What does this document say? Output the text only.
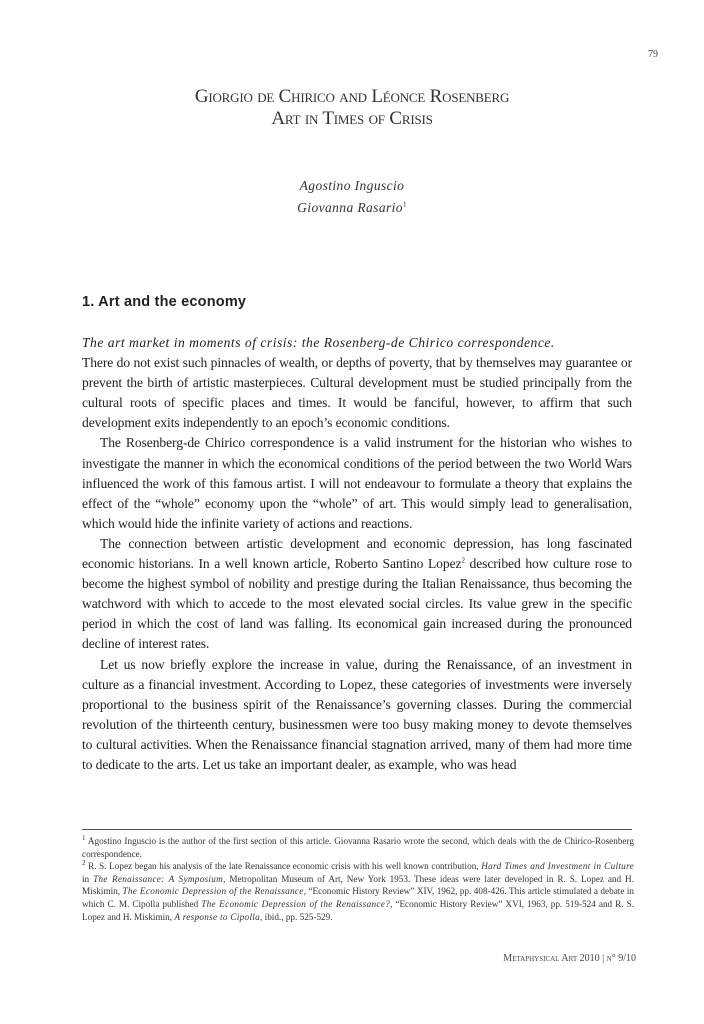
79
Giorgio de Chirico and Léonce Rosenberg
Art in Times of Crisis
Agostino Inguscio
Giovanna Rasario$^1$
1. Art and the economy
The art market in moments of crisis: the Rosenberg-de Chirico correspondence.

There do not exist such pinnacles of wealth, or depths of poverty, that by themselves may guarantee or prevent the birth of artistic masterpieces. Cultural development must be studied principally from the cultural roots of specific places and times. It would be fanciful, however, to affirm that such development exits independently to an epoch’s economic conditions.

The Rosenberg-de Chirico correspondence is a valid instrument for the historian who wishes to investigate the manner in which the economical conditions of the period between the two World Wars influenced the work of this famous artist. I will not endeavour to formulate a theory that explains the effect of the “whole” economy upon the “whole” of art. This would simply lead to generalisation, which would hide the infinite variety of actions and reactions.

The connection between artistic development and economic depression, has long fascinated economic historians. In a well known article, Roberto Santino Lopez$^2$ described how culture rose to become the highest symbol of nobility and prestige during the Italian Renaissance, thus becoming the watchword with which to accede to the most elevated social circles. Its value grew in the specific period in which the cost of land was falling. Its economical gain increased during the pronounced decline of interest rates.

Let us now briefly explore the increase in value, during the Renaissance, of an investment in culture as a financial investment. According to Lopez, these categories of investments were inversely proportional to the business spirit of the Renaissance’s governing classes. During the commercial revolution of the thirteenth century, businessmen were too busy making money to devote themselves to cultural activities. When the Renaissance financial stagnation arrived, many of them had more time to dedicate to the arts. Let us take an important dealer, as example, who was head

$^1$ Agostino Inguscio is the author of the first section of this article. Giovanna Rasario wrote the second, which deals with the de Chirico-Rosenberg correspondence.

$^2$ R. S. Lopez began his analysis of the late Renaissance economic crisis with his well known contribution, Hard Times and Investment in Culture in The Renaissance: A Symposium, Metropolitan Museum of Art, New York 1953. These ideas were later developed in R. S. Lopez and H. Miskimin, The Economic Depression of the Renaissance, “Economic History Review” XIV, 1962, pp. 408-426. This article stimulated a debate in which C. M. Cipolla published The Economic Depression of the Renaissance?, “Economic History Review” XVI, 1963, pp. 519-524 and R. S. Lopez and H. Miskimin, A response to Cipolla, ibid., pp. 525-529.

Metaphysical Art 2010 | n° 9/10
